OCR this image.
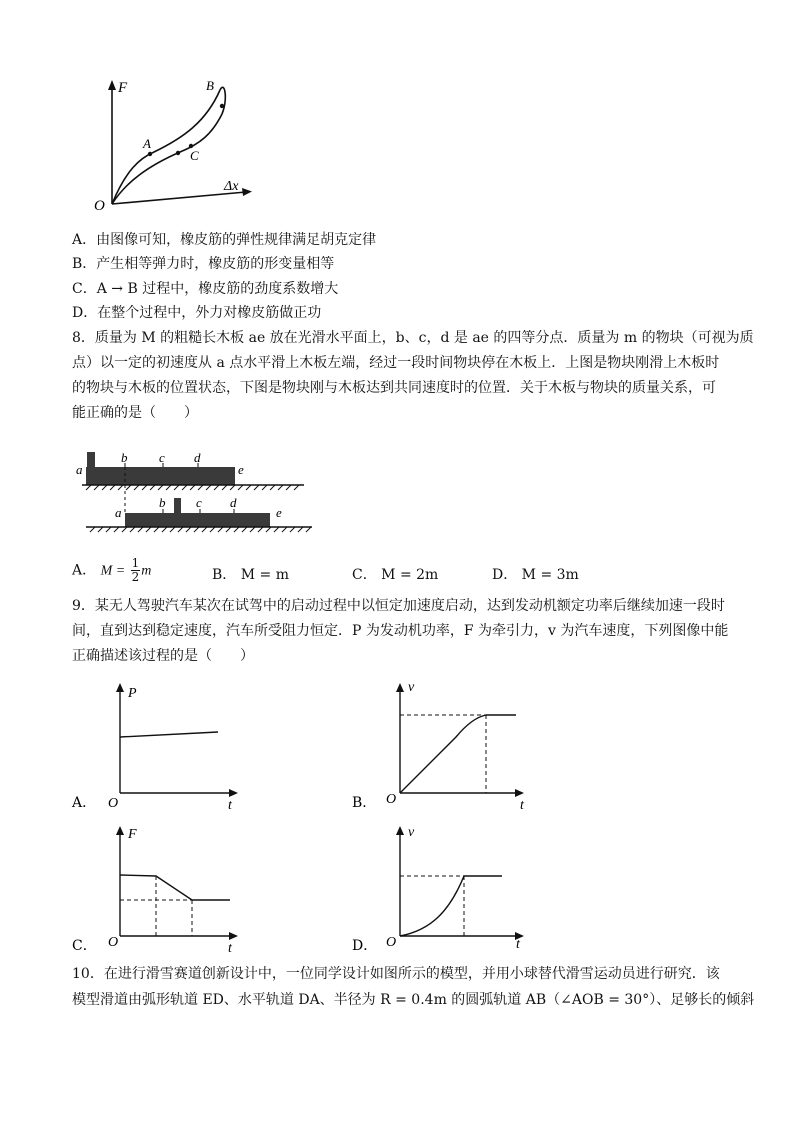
F
Δx
O
A
B
C
A．由图像可知，橡皮筋的弹性规律满足胡克定律
B．产生相等弹力时，橡皮筋的形变量相等
C．A → B 过程中，橡皮筋的劲度系数增大
D．在整个过程中，外力对橡皮筋做正功
8．质量为 M 的粗糙长木板 ae 放在光滑水平面上，b、c，d 是 ae 的四等分点．质量为 m 的物块（可视为质
点）以一定的初速度从 a 点水平滑上木板左端，经过一段时间物块停在木板上．上图是物块刚滑上木板时
的物块与木板的位置状态，下图是物块刚与木板达到共同速度时的位置．关于木板与物块的质量关系，可
能正确的是（　　）
a
b c d
e
a
b c d
e
A． $M = \frac{1}{2}$ m	B． M = m	C． M = 2m	D． M = 3m
9．某无人驾驶汽车某次在试驾中的启动过程中以恒定加速度启动，达到发动机额定功率后继续加速一段时
间，直到达到稳定速度，汽车所受阻力恒定．P 为发动机功率，F 为牵引力，v 为汽车速度，下列图像中能
正确描述该过程的是（　　）
A．
P
t
O	B．
v
t
O
C．
F
t
O	D．
v
t
O
10．在进行滑雪赛道创新设计中，一位同学设计如图所示的模型，并用小球替代滑雪运动员进行研究．该
模型滑道由弧形轨道 ED、水平轨道 DA、半径为 R = 0.4m 的圆弧轨道 AB（∠AOB = 30°）、足够长的倾斜
